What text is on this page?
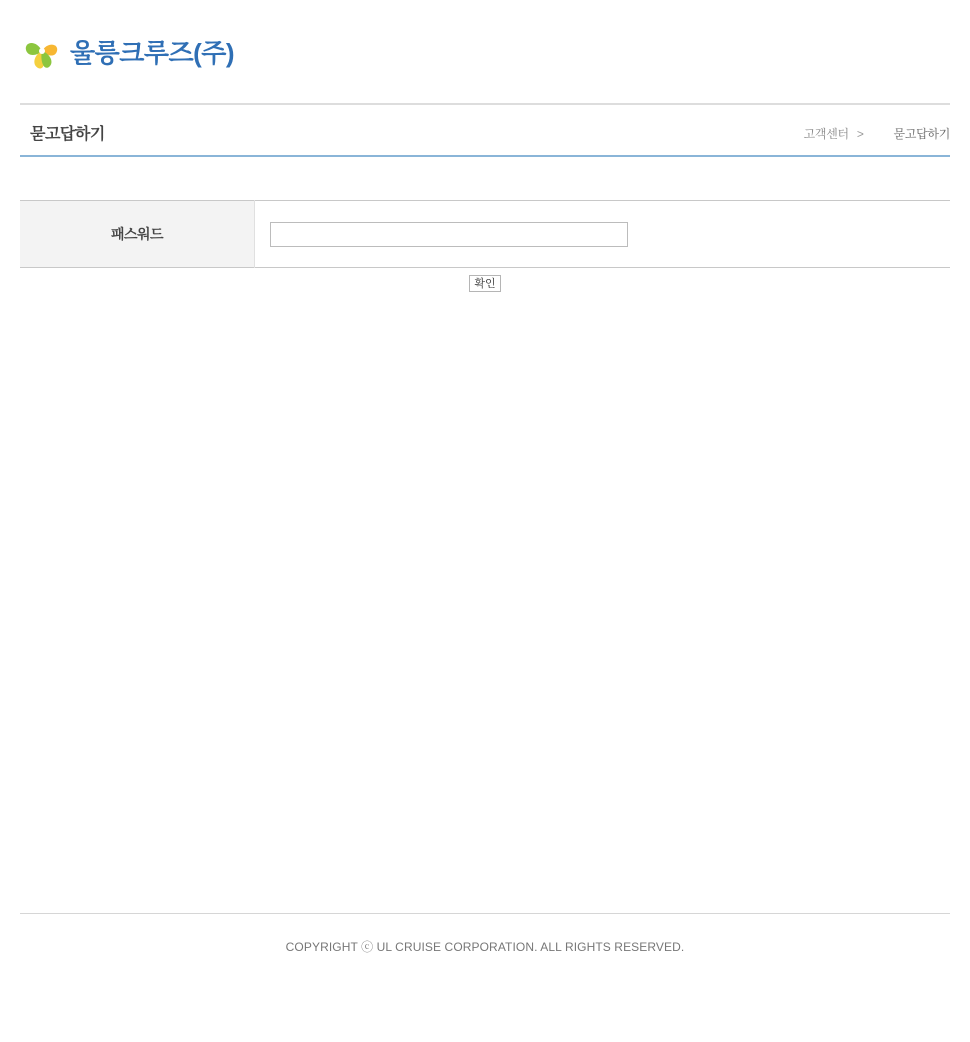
울릉크루즈(주)
묻고답하기	고객센터 >	묻고답하기
패스워드	
확인
COPYRIGHT ⓒ UL CRUISE CORPORATION. ALL RIGHTS RESERVED.
